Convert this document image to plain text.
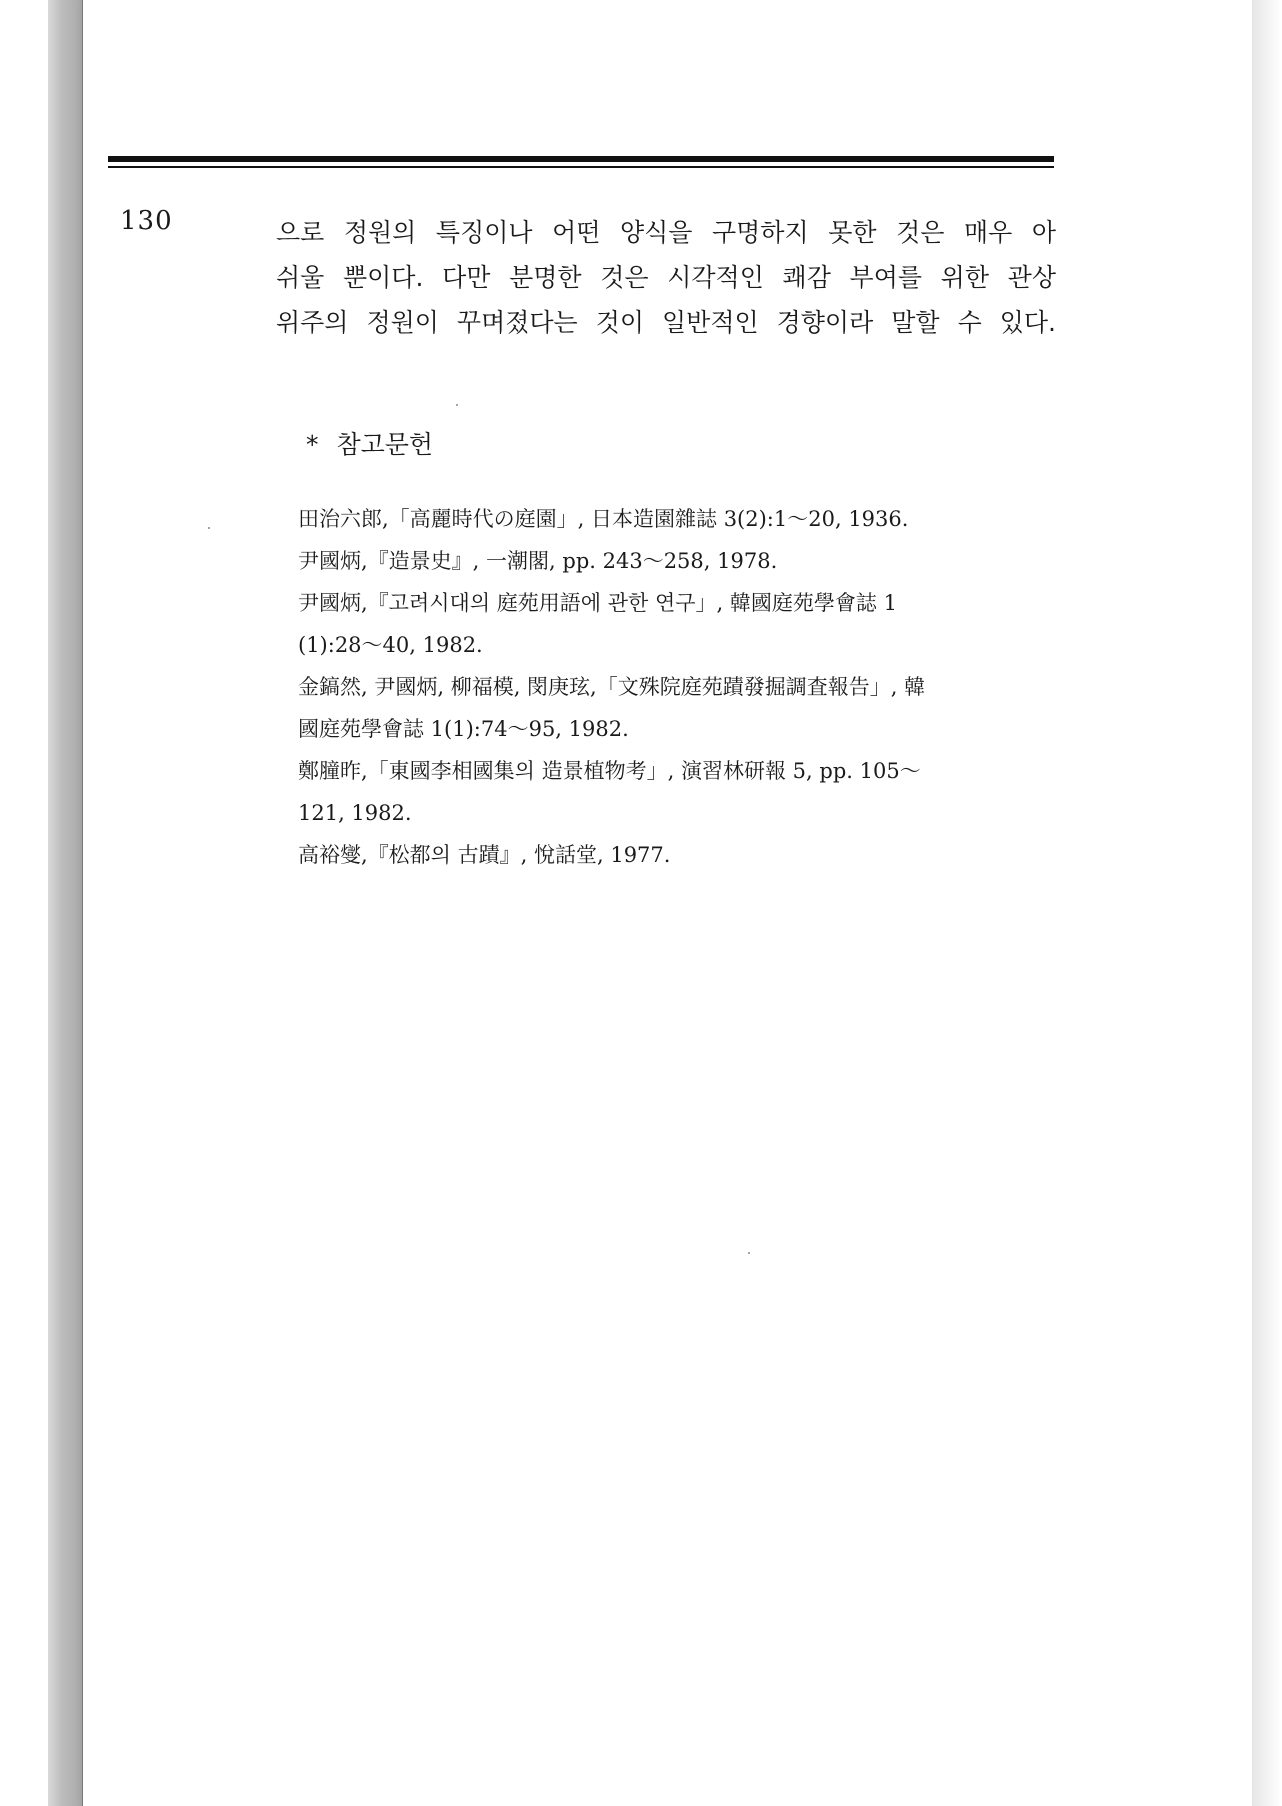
130	으로 정원의 특징이나 어떤 양식을 구명하지 못한 것은 매우 아
쉬울 뿐이다. 다만 분명한 것은 시각적인 쾌감 부여를 위한 관상
위주의 정원이 꾸며졌다는 것이 일반적인 경향이라 말할 수 있다.
* 참고문헌
田治六郎,「高麗時代の庭園」, 日本造園雜誌 3(2):1～20, 1936.
尹國炳,『造景史』, 一潮閣, pp. 243～258, 1978.
尹國炳,『고려시대의 庭苑用語에 관한 연구」, 韓國庭苑學會誌 1
(1):28～40, 1982.
金鎬然, 尹國炳, 柳福模, 閔庚玹,「文殊院庭苑蹟發掘調査報告」, 韓
國庭苑學會誌 1(1):74～95, 1982.
鄭膧昨,「東國李相國集의 造景植物考」, 演習林研報 5, pp. 105～
121, 1982.
高裕燮,『松都의 古蹟』, 悅話堂, 1977.
